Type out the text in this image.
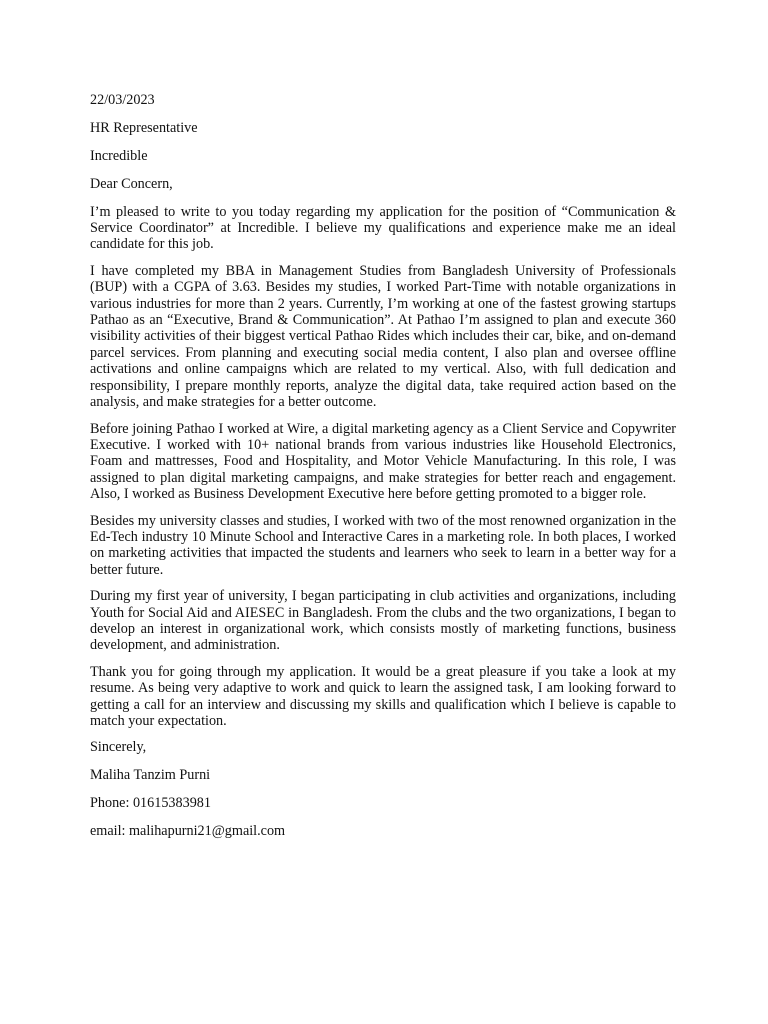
22/03/2023
HR Representative
Incredible
Dear Concern,

I’m pleased to write to you today regarding my application for the position of “Communication & Service Coordinator” at Incredible. I believe my qualifications and experience make me an ideal candidate for this job.

I have completed my BBA in Management Studies from Bangladesh University of Professionals (BUP) with a CGPA of 3.63. Besides my studies, I worked Part-Time with notable organizations in various industries for more than 2 years. Currently, I’m working at one of the fastest growing startups Pathao as an “Executive, Brand & Communication”. At Pathao I’m assigned to plan and execute 360 visibility activities of their biggest vertical Pathao Rides which includes their car, bike, and on-demand parcel services. From planning and executing social media content, I also plan and oversee offline activations and online campaigns which are related to my vertical. Also, with full dedication and responsibility, I prepare monthly reports, analyze the digital data, take required action based on the analysis, and make strategies for a better outcome.

Before joining Pathao I worked at Wire, a digital marketing agency as a Client Service and Copywriter Executive. I worked with 10+ national brands from various industries like Household Electronics, Foam and mattresses, Food and Hospitality, and Motor Vehicle Manufacturing. In this role, I was assigned to plan digital marketing campaigns, and make strategies for better reach and engagement. Also, I worked as Business Development Executive here before getting promoted to a bigger role.

Besides my university classes and studies, I worked with two of the most renowned organization in the Ed-Tech industry 10 Minute School and Interactive Cares in a marketing role. In both places, I worked on marketing activities that impacted the students and learners who seek to learn in a better way for a better future.

During my first year of university, I began participating in club activities and organizations, including Youth for Social Aid and AIESEC in Bangladesh. From the clubs and the two organizations, I began to develop an interest in organizational work, which consists mostly of marketing functions, business development, and administration.

Thank you for going through my application. It would be a great pleasure if you take a look at my resume. As being very adaptive to work and quick to learn the assigned task, I am looking forward to getting a call for an interview and discussing my skills and qualification which I believe is capable to match your expectation.

Sincerely,
Maliha Tanzim Purni
Phone: 01615383981
email: malihapurni21@gmail.com
